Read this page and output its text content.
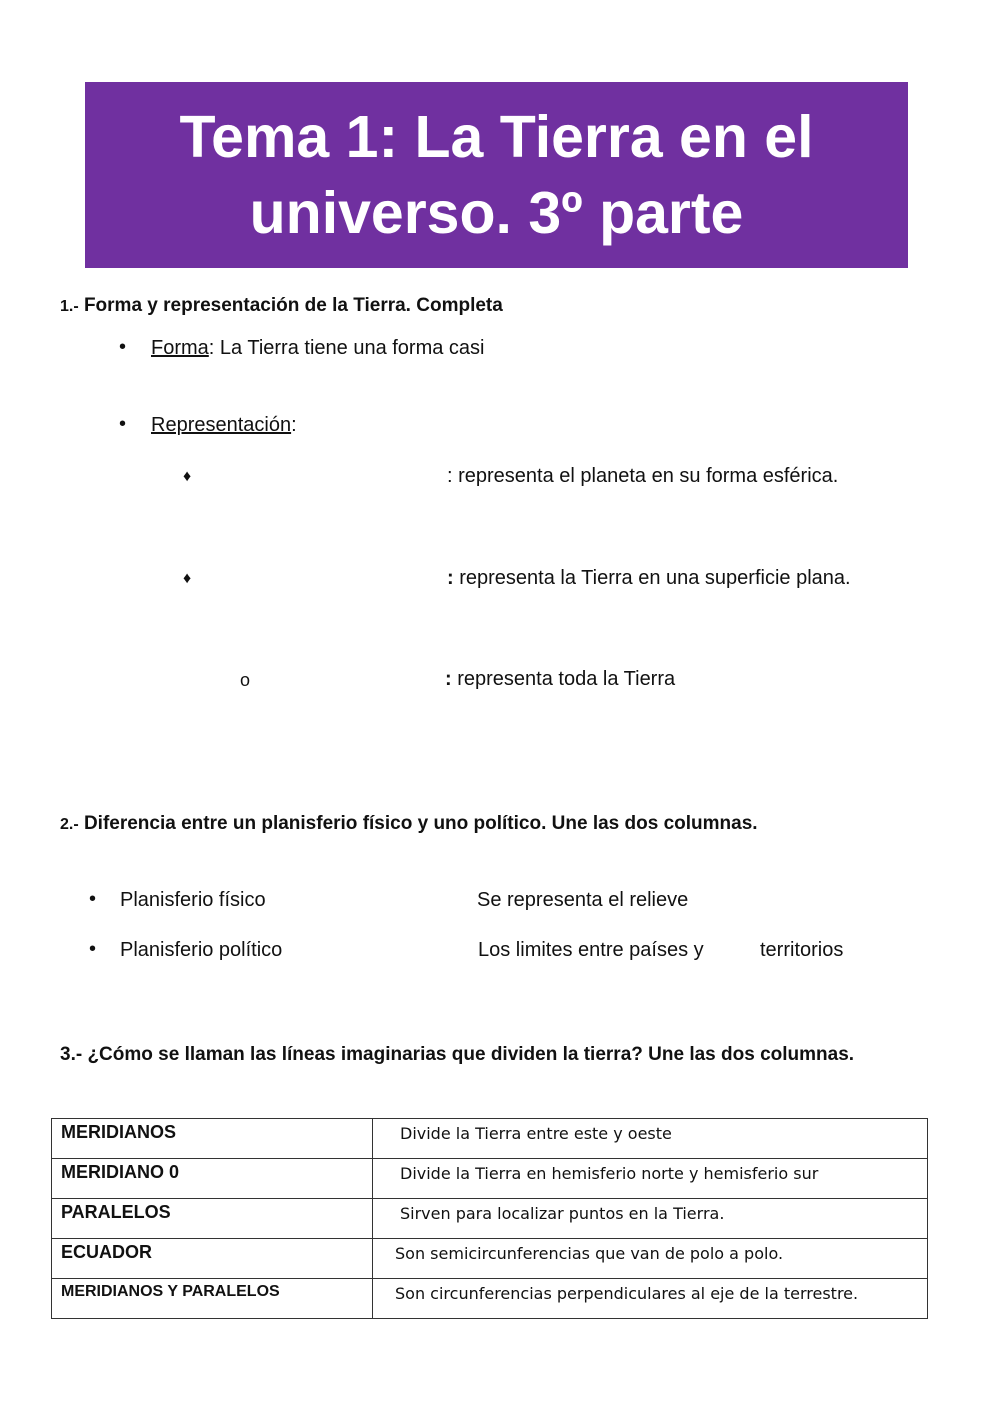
Tema 1: La Tierra en el
universo. 3º parte
1.- Forma y representación de la Tierra. Completa
• Forma: La Tierra tiene una forma casi
• Representación:
♦	: representa el planeta en su forma esférica.
♦	: representa la Tierra en una superficie plana.
o	: representa toda la Tierra
2.- Diferencia entre un planisferio físico y uno político. Une las dos columnas.
• Planisferio físico	Se representa el relieve
• Planisferio político	Los limites entre países y	territorios
3.- ¿Cómo se llaman las líneas imaginarias que dividen la tierra? Une las dos columnas.
MERIDIANOS	Divide la Tierra entre este y oeste
MERIDIANO 0	Divide la Tierra en hemisferio norte y hemisferio sur
PARALELOS	Sirven para localizar puntos en la Tierra.
ECUADOR	Son semicircunferencias que van de polo a polo.
MERIDIANOS Y PARALELOS	Son circunferencias perpendiculares al eje de la terrestre.
